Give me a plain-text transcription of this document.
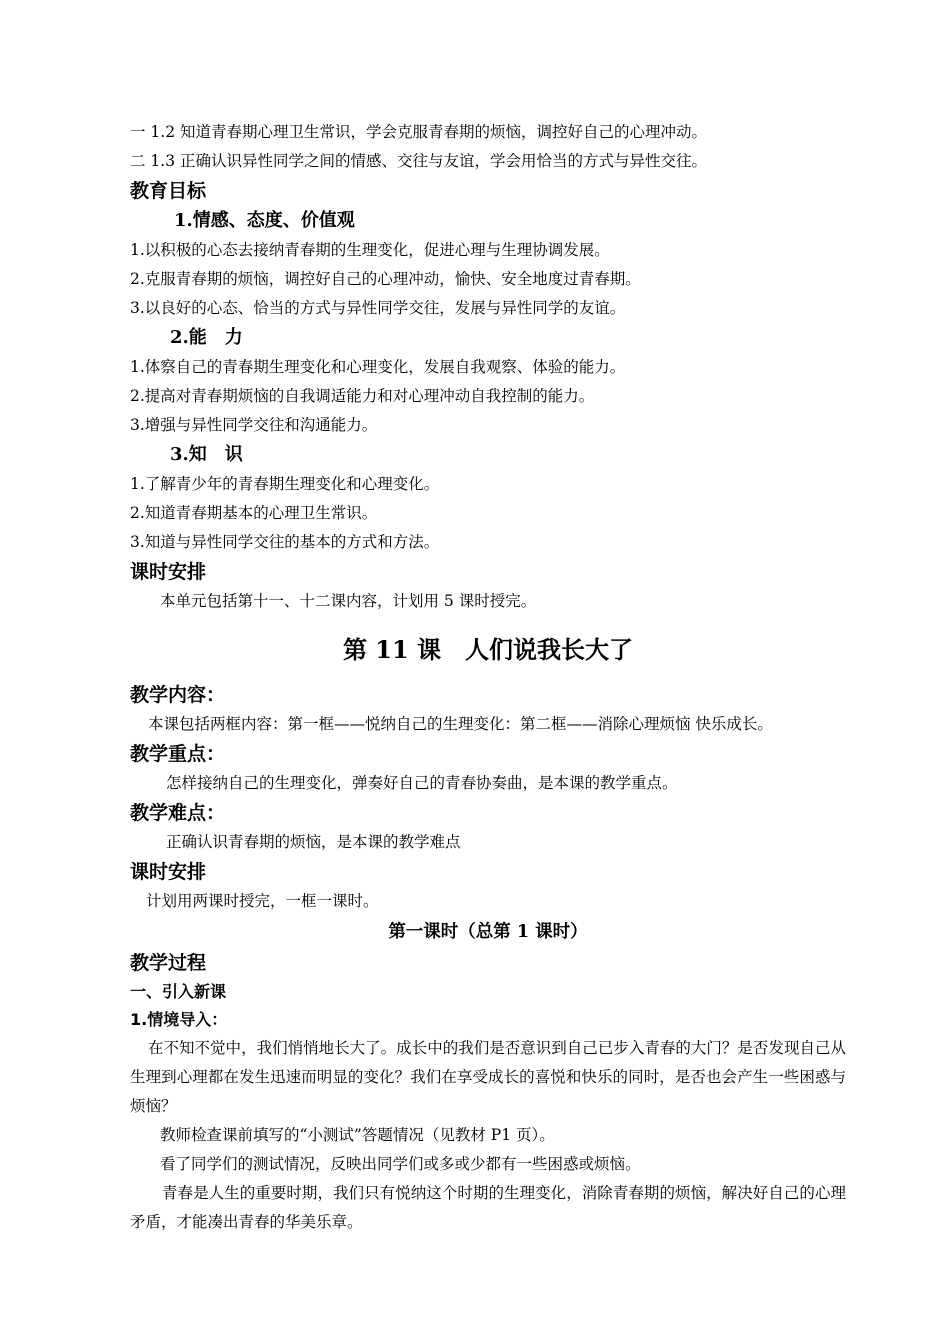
一 1.2 知道青春期心理卫生常识，学会克服青春期的烦恼，调控好自己的心理冲动。
二 1.3 正确认识异性同学之间的情感、交往与友谊，学会用恰当的方式与异性交往。
教育目标
1.情感、态度、价值观
1.以积极的心态去接纳青春期的生理变化，促进心理与生理协调发展。
2.克服青春期的烦恼，调控好自己的心理冲动，愉快、安全地度过青春期。
3.以良好的心态、恰当的方式与异性同学交往，发展与异性同学的友谊。
2.能　力
1.体察自己的青春期生理变化和心理变化，发展自我观察、体验的能力。
2.提高对青春期烦恼的自我调适能力和对心理冲动自我控制的能力。
3.增强与异性同学交往和沟通能力。
3.知　识
1.了解青少年的青春期生理变化和心理变化。
2.知道青春期基本的心理卫生常识。
3.知道与异性同学交往的基本的方式和方法。
课时安排
本单元包括第十一、十二课内容，计划用 5 课时授完。
第 11 课　人们说我长大了
教学内容：
本课包括两框内容：第一框——悦纳自己的生理变化：第二框——消除心理烦恼 快乐成长。
教学重点：
怎样接纳自己的生理变化，弹奏好自己的青春协奏曲，是本课的教学重点。
教学难点：
正确认识青春期的烦恼，是本课的教学难点
课时安排
计划用两课时授完，一框一课时。
第一课时（总第 1 课时）
教学过程
一、引入新课
1.情境导入：
在不知不觉中，我们悄悄地长大了。成长中的我们是否意识到自己已步入青春的大门？是否发现自己从生理到心理都在发生迅速而明显的变化？我们在享受成长的喜悦和快乐的同时，是否也会产生一些困惑与烦恼？
教师检查课前填写的“小测试”答题情况（见教材 P1 页）。
看了同学们的测试情况，反映出同学们或多或少都有一些困惑或烦恼。
青春是人生的重要时期，我们只有悦纳这个时期的生理变化，消除青春期的烦恼，解决好自己的心理矛盾，才能凑出青春的华美乐章。
